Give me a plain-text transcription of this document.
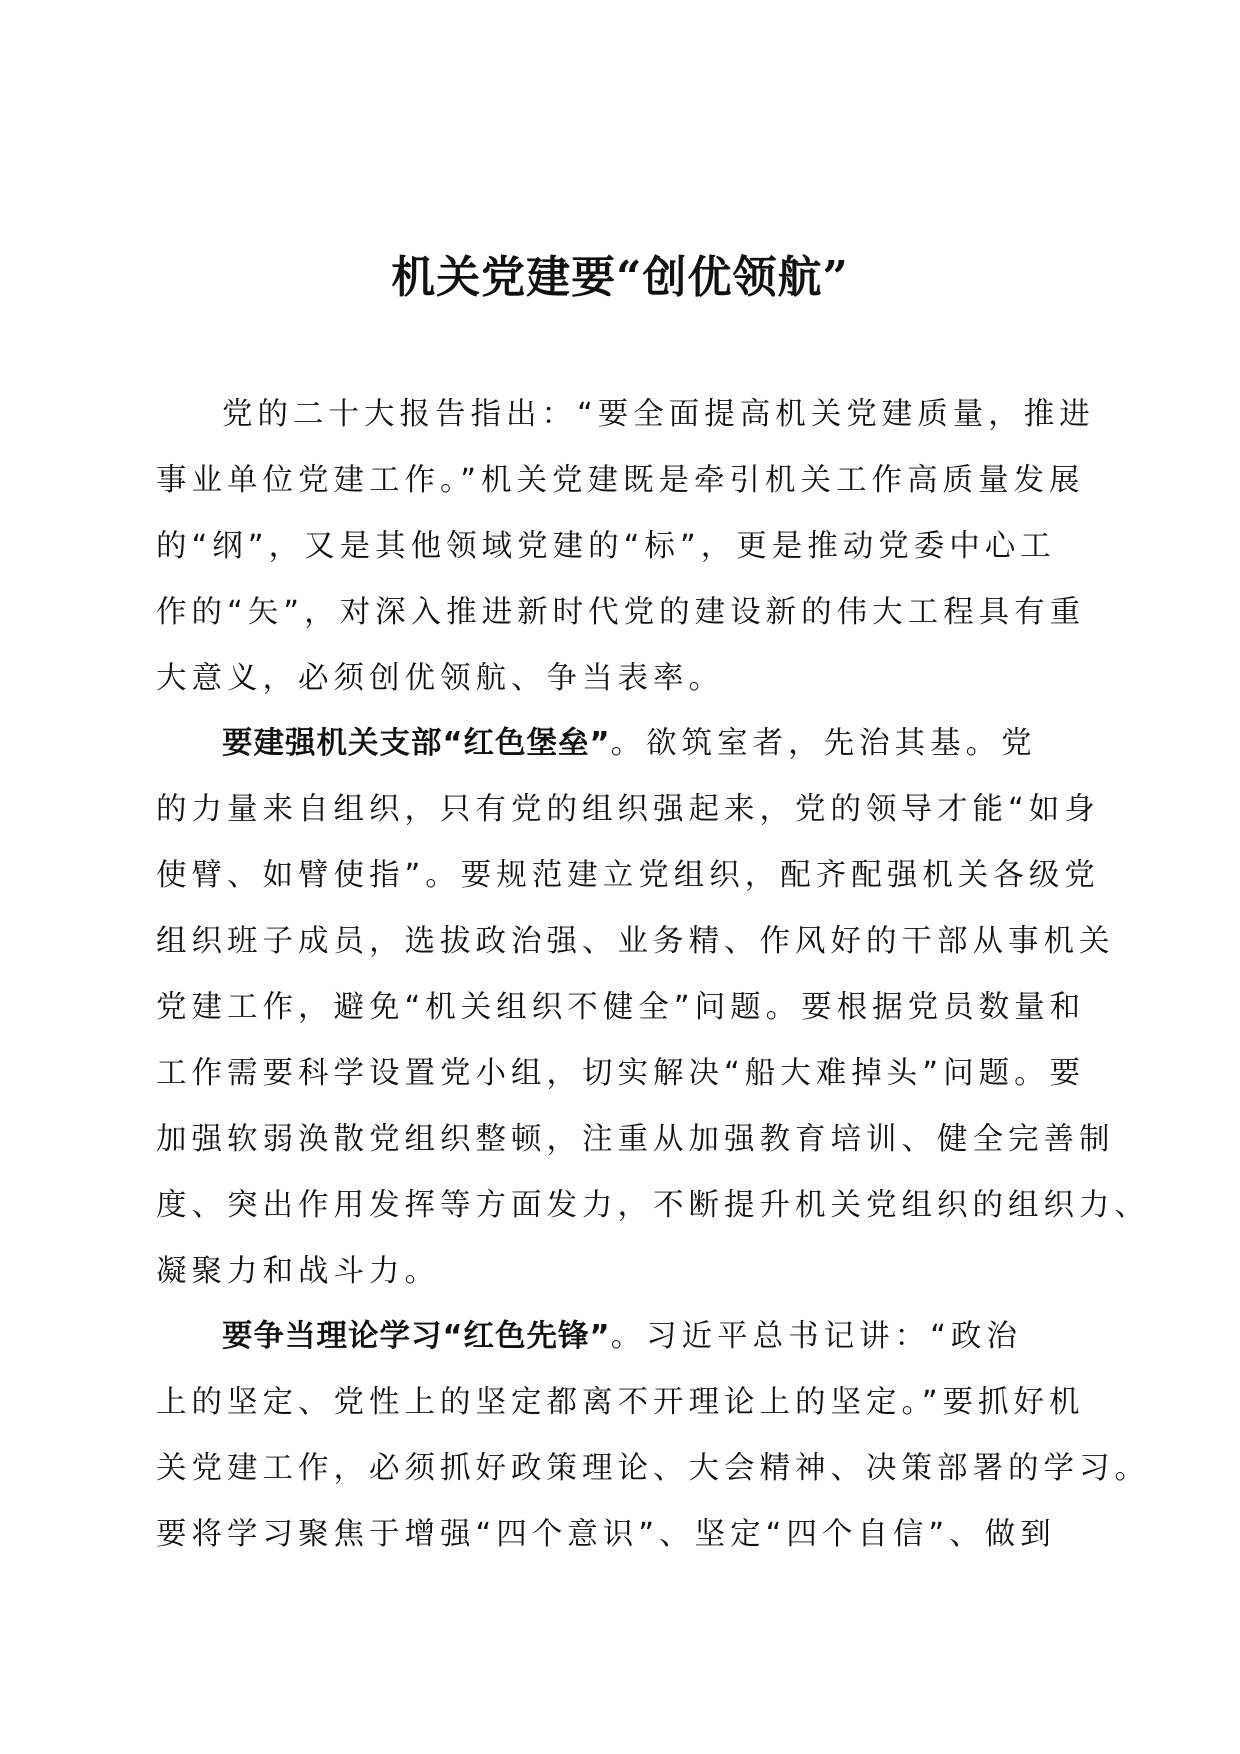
机关党建要“创优领航”
党的二十大报告指出：“要全面提高机关党建质量，推进
事业单位党建工作。”机关党建既是牵引机关工作高质量发展
的“纲”，又是其他领域党建的“标”，更是推动党委中心工
作的“矢”，对深入推进新时代党的建设新的伟大工程具有重
大意义，必须创优领航、争当表率。
要建强机关支部“红色堡垒”。欲筑室者，先治其基。党
的力量来自组织，只有党的组织强起来，党的领导才能“如身
使臂、如臂使指”。要规范建立党组织，配齐配强机关各级党
组织班子成员，选拔政治强、业务精、作风好的干部从事机关
党建工作，避免“机关组织不健全”问题。要根据党员数量和
工作需要科学设置党小组，切实解决“船大难掉头”问题。要
加强软弱涣散党组织整顿，注重从加强教育培训、健全完善制
度、突出作用发挥等方面发力，不断提升机关党组织的组织力、
凝聚力和战斗力。
要争当理论学习“红色先锋”。习近平总书记讲：“政治
上的坚定、党性上的坚定都离不开理论上的坚定。”要抓好机
关党建工作，必须抓好政策理论、大会精神、决策部署的学习。
要将学习聚焦于增强“四个意识”、坚定“四个自信”、做到
